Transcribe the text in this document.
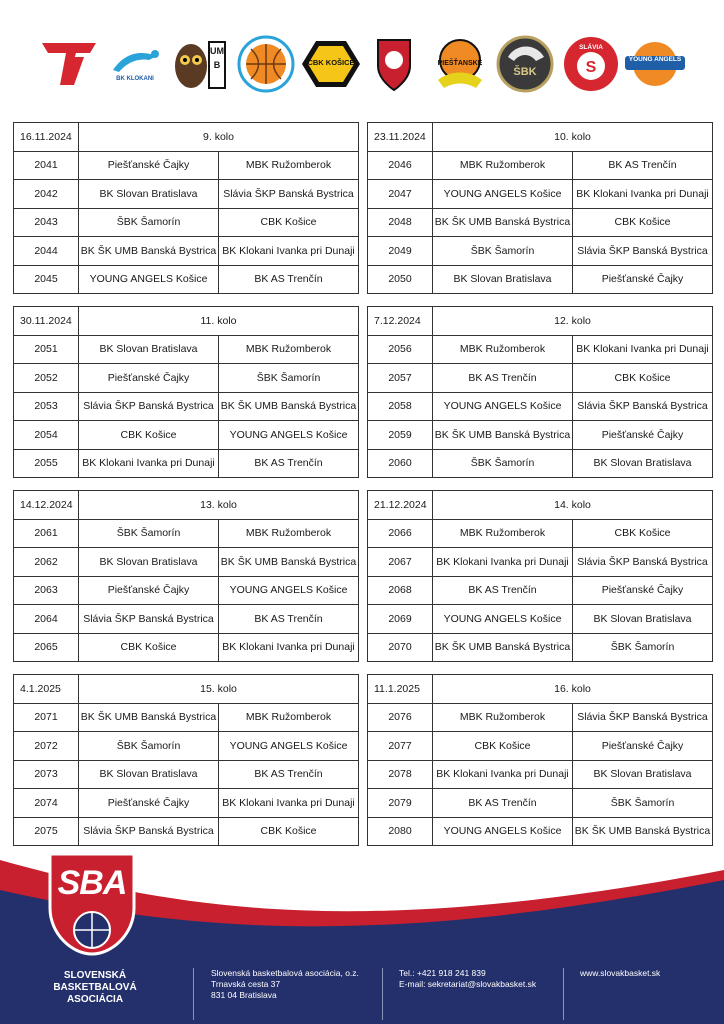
BK KLOKANI
UMB	CBK KOŠICE	PIEŠŤANSKÉ
ŠBK	S
SLÁVIA
YOUNG ANGELS
16.11.2024	9. kolo	
2041	Piešťanské Čajky	MBK Ružomberok
2042	BK Slovan Bratislava	Slávia ŠKP Banská Bystrica
2043	ŠBK Šamorín	CBK Košice
2044	BK ŠK UMB Banská Bystrica	BK Klokani Ivanka pri Dunaji
2045	YOUNG ANGELS Košice	BK AS Trenčín
23.11.2024	10. kolo	
2046	MBK Ružomberok	BK AS Trenčín
2047	YOUNG ANGELS Košice	BK Klokani Ivanka pri Dunaji
2048	BK ŠK UMB Banská Bystrica	CBK Košice
2049	ŠBK Šamorín	Slávia ŠKP Banská Bystrica
2050	BK Slovan Bratislava	Piešťanské Čajky
30.11.2024	11. kolo	
2051	BK Slovan Bratislava	MBK Ružomberok
2052	Piešťanské Čajky	ŠBK Šamorín
2053	Slávia ŠKP Banská Bystrica	BK ŠK UMB Banská Bystrica
2054	CBK Košice	YOUNG ANGELS Košice
2055	BK Klokani Ivanka pri Dunaji	BK AS Trenčín
7.12.2024	12. kolo	
2056	MBK Ružomberok	BK Klokani Ivanka pri Dunaji
2057	BK AS Trenčín	CBK Košice
2058	YOUNG ANGELS Košice	Slávia ŠKP Banská Bystrica
2059	BK ŠK UMB Banská Bystrica	Piešťanské Čajky
2060	ŠBK Šamorín	BK Slovan Bratislava
14.12.2024	13. kolo	
2061	ŠBK Šamorín	MBK Ružomberok
2062	BK Slovan Bratislava	BK ŠK UMB Banská Bystrica
2063	Piešťanské Čajky	YOUNG ANGELS Košice
2064	Slávia ŠKP Banská Bystrica	BK AS Trenčín
2065	CBK Košice	BK Klokani Ivanka pri Dunaji
21.12.2024	14. kolo	
2066	MBK Ružomberok	CBK Košice
2067	BK Klokani Ivanka pri Dunaji	Slávia ŠKP Banská Bystrica
2068	BK AS Trenčín	Piešťanské Čajky
2069	YOUNG ANGELS Košice	BK Slovan Bratislava
2070	BK ŠK UMB Banská Bystrica	ŠBK Šamorín
4.1.2025	15. kolo	
2071	BK ŠK UMB Banská Bystrica	MBK Ružomberok
2072	ŠBK Šamorín	YOUNG ANGELS Košice
2073	BK Slovan Bratislava	BK AS Trenčín
2074	Piešťanské Čajky	BK Klokani Ivanka pri Dunaji
2075	Slávia ŠKP Banská Bystrica	CBK Košice
11.1.2025	16. kolo	
2076	MBK Ružomberok	Slávia ŠKP Banská Bystrica
2077	CBK Košice	Piešťanské Čajky
2078	BK Klokani Ivanka pri Dunaji	BK Slovan Bratislava
2079	BK AS Trenčín	ŠBK Šamorín
2080	YOUNG ANGELS Košice	BK ŠK UMB Banská Bystrica
SBA
SLOVENSKÁ
BASKETBALOVÁ
ASOCIÁCIA
Slovenská basketbalová asociácia, o.z.
Trnavská cesta 37
831 04 Bratislava
Tel.: +421 918 241 839
E-mail: sekretariat@slovakbasket.sk
www.slovakbasket.sk
